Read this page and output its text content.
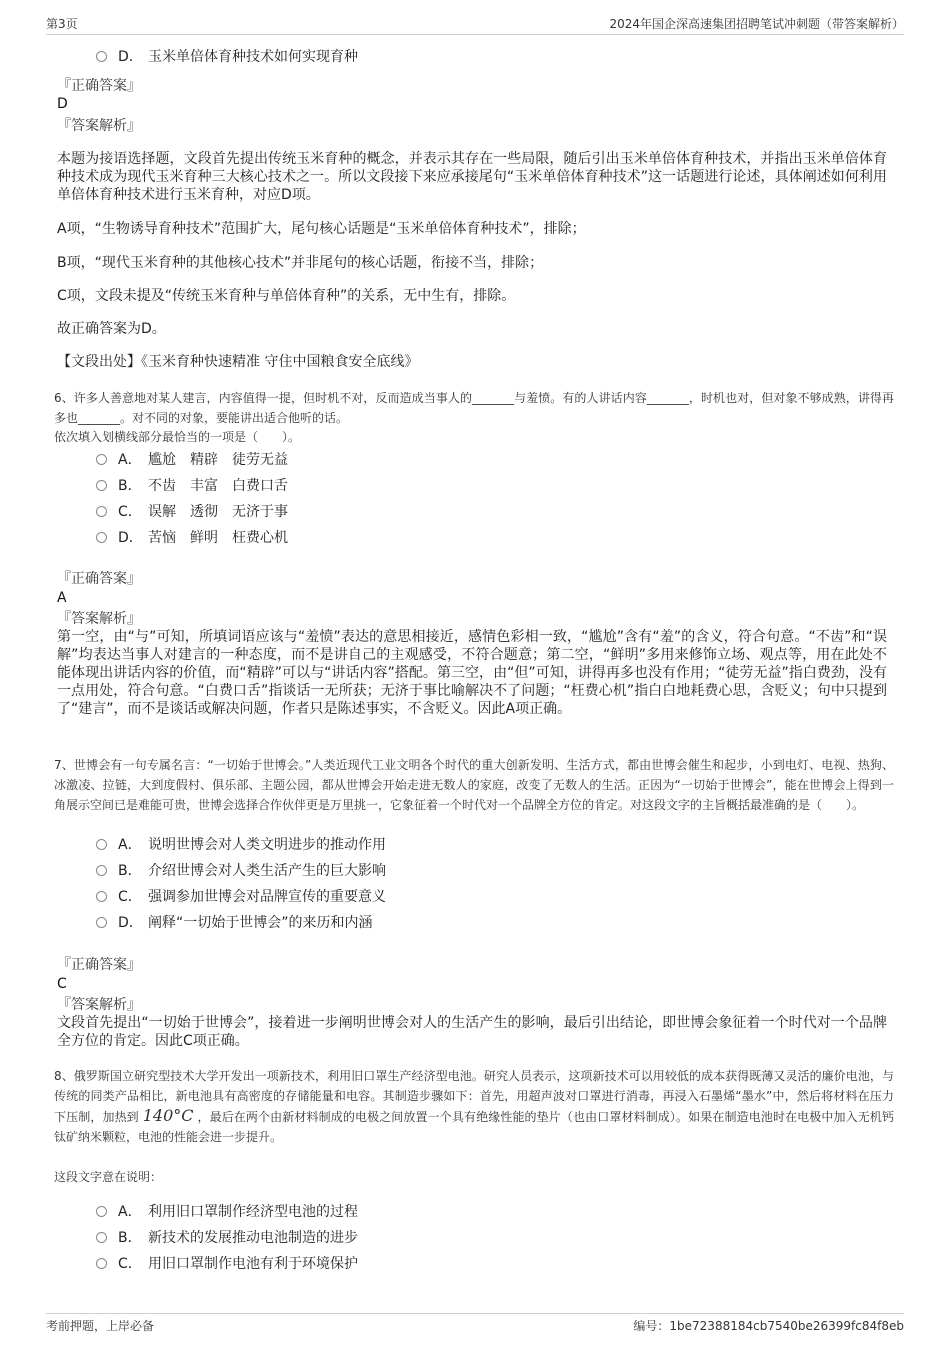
第3页	2024年国企深高速集团招聘笔试冲刺题（带答案解析）
D． 玉米单倍体育种技术如何实现育种
『正确答案』
D
『答案解析』
本题为接语选择题，文段首先提出传统玉米育种的概念，并表示其存在一些局限，随后引出玉米单倍体育种技术，并指出玉米单倍体育种技术成为现代玉米育种三大核心技术之一。所以文段接下来应承接尾句“玉米单倍体育种技术”这一话题进行论述，具体阐述如何利用单倍体育种技术进行玉米育种，对应D项。
A项，“生物诱导育种技术”范围扩大，尾句核心话题是“玉米单倍体育种技术”，排除；
B项，“现代玉米育种的其他核心技术”并非尾句的核心话题，衔接不当，排除；
C项，文段未提及“传统玉米育种与单倍体育种”的关系，无中生有，排除。
故正确答案为D。
【文段出处】《玉米育种快速精准 守住中国粮食安全底线》
6、许多人善意地对某人建言，内容值得一提，但时机不对，反而造成当事人的_______与羞愤。有的人讲话内容_______，时机也对，但对象不够成熟，讲得再多也_______。对不同的对象，要能讲出适合他听的话。
依次填入划横线部分最恰当的一项是（　　）。
A． 尴尬　精辟　徒劳无益
B． 不齿　丰富　白费口舌
C． 误解　透彻　无济于事
D． 苦恼　鲜明　枉费心机
『正确答案』
A
『答案解析』
第一空，由“与”可知，所填词语应该与“羞愤”表达的意思相接近，感情色彩相一致，“尴尬”含有“羞”的含义，符合句意。“不齿”和“误解”均表达当事人对建言的一种态度，而不是讲自己的主观感受，不符合题意；第二空，“鲜明”多用来修饰立场、观点等，用在此处不能体现出讲话内容的价值，而“精辟”可以与“讲话内容”搭配。第三空，由“但”可知，讲得再多也没有作用；“徒劳无益”指白费劲，没有一点用处，符合句意。“白费口舌”指谈话一无所获；无济于事比喻解决不了问题；“枉费心机”指白白地耗费心思，含贬义；句中只提到了“建言”，而不是谈话或解决问题，作者只是陈述事实，不含贬义。因此A项正确。
7、世博会有一句专属名言：“一切始于世博会。”人类近现代工业文明各个时代的重大创新发明、生活方式，都由世博会催生和起步，小到电灯、电视、热狗、冰激凌、拉链，大到度假村、俱乐部、主题公园，都从世博会开始走进无数人的家庭，改变了无数人的生活。正因为“一切始于世博会”，能在世博会上得到一角展示空间已是难能可贵，世博会选择合作伙伴更是万里挑一，它象征着一个时代对一个品牌全方位的肯定。对这段文字的主旨概括最准确的是（　　）。
A． 说明世博会对人类文明进步的推动作用
B． 介绍世博会对人类生活产生的巨大影响
C． 强调参加世博会对品牌宣传的重要意义
D． 阐释“一切始于世博会”的来历和内涵
『正确答案』
C
『答案解析』
文段首先提出“一切始于世博会”，接着进一步阐明世博会对人的生活产生的影响，最后引出结论，即世博会象征着一个时代对一个品牌全方位的肯定。因此C项正确。
8、俄罗斯国立研究型技术大学开发出一项新技术，利用旧口罩生产经济型电池。研究人员表示，这项新技术可以用较低的成本获得既薄又灵活的廉价电池，与传统的同类产品相比，新电池具有高密度的存储能量和电容。其制造步骤如下：首先，用超声波对口罩进行消毒，再浸入石墨烯“墨水”中，然后将材料在压力下压制，加热到 140°C ，最后在两个由新材料制成的电极之间放置一个具有绝缘性能的垫片（也由口罩材料制成）。如果在制造电池时在电极中加入无机钙钛矿纳米颗粒，电池的性能会进一步提升。
这段文字意在说明：
A． 利用旧口罩制作经济型电池的过程
B． 新技术的发展推动电池制造的进步
C． 用旧口罩制作电池有利于环境保护
考前押题，上岸必备	编号：1be72388184cb7540be26399fc84f8eb
